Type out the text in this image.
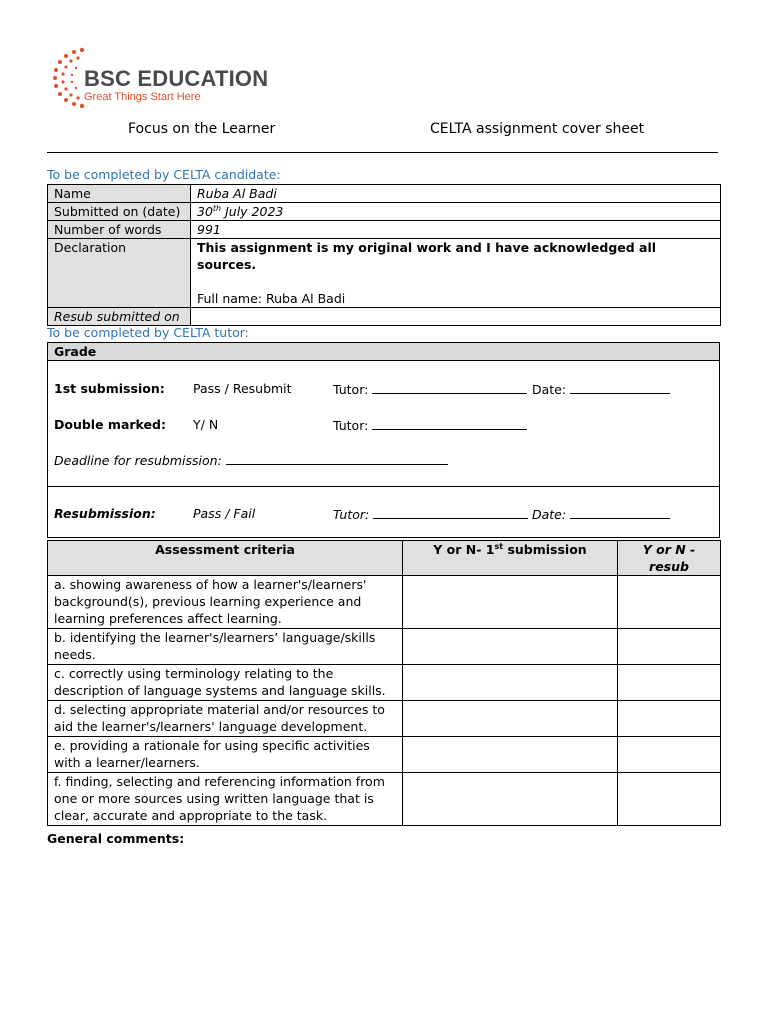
BSC EDUCATION
Great Things Start Here
Focus on the Learner	CELTA assignment cover sheet
To be completed by CELTA candidate:
Name	Ruba Al Badi
Submitted on (date)	30th July 2023
Number of words	991
Declaration	This assignment is my original work and I have acknowledged all sources.
Full name: Ruba Al Badi

Resub submitted on	
To be completed by CELTA tutor:
Grade
1st submission: Pass / Resubmit	Tutor:	Date:
Double marked: Y/ N	Tutor:
Deadline for resubmission:
Resubmission:	Pass / Fail	Tutor:	Date:
Assessment criteria	Y or N- 1st submission	Y or N -resub
a. showing awareness of how a learner's/learners' background(s), previous learning experience and learning preferences affect learning.		
b. identifying the learner's/learners’ language/skills needs.		
c. correctly using terminology relating to the description of language systems and language skills.		
d. selecting appropriate material and/or resources to aid the learner's/learners' language development.		
e. providing a rationale for using specific activities with a learner/learners.		
f. finding, selecting and referencing information from one or more sources using written language that is clear, accurate and appropriate to the task.		
General comments:
